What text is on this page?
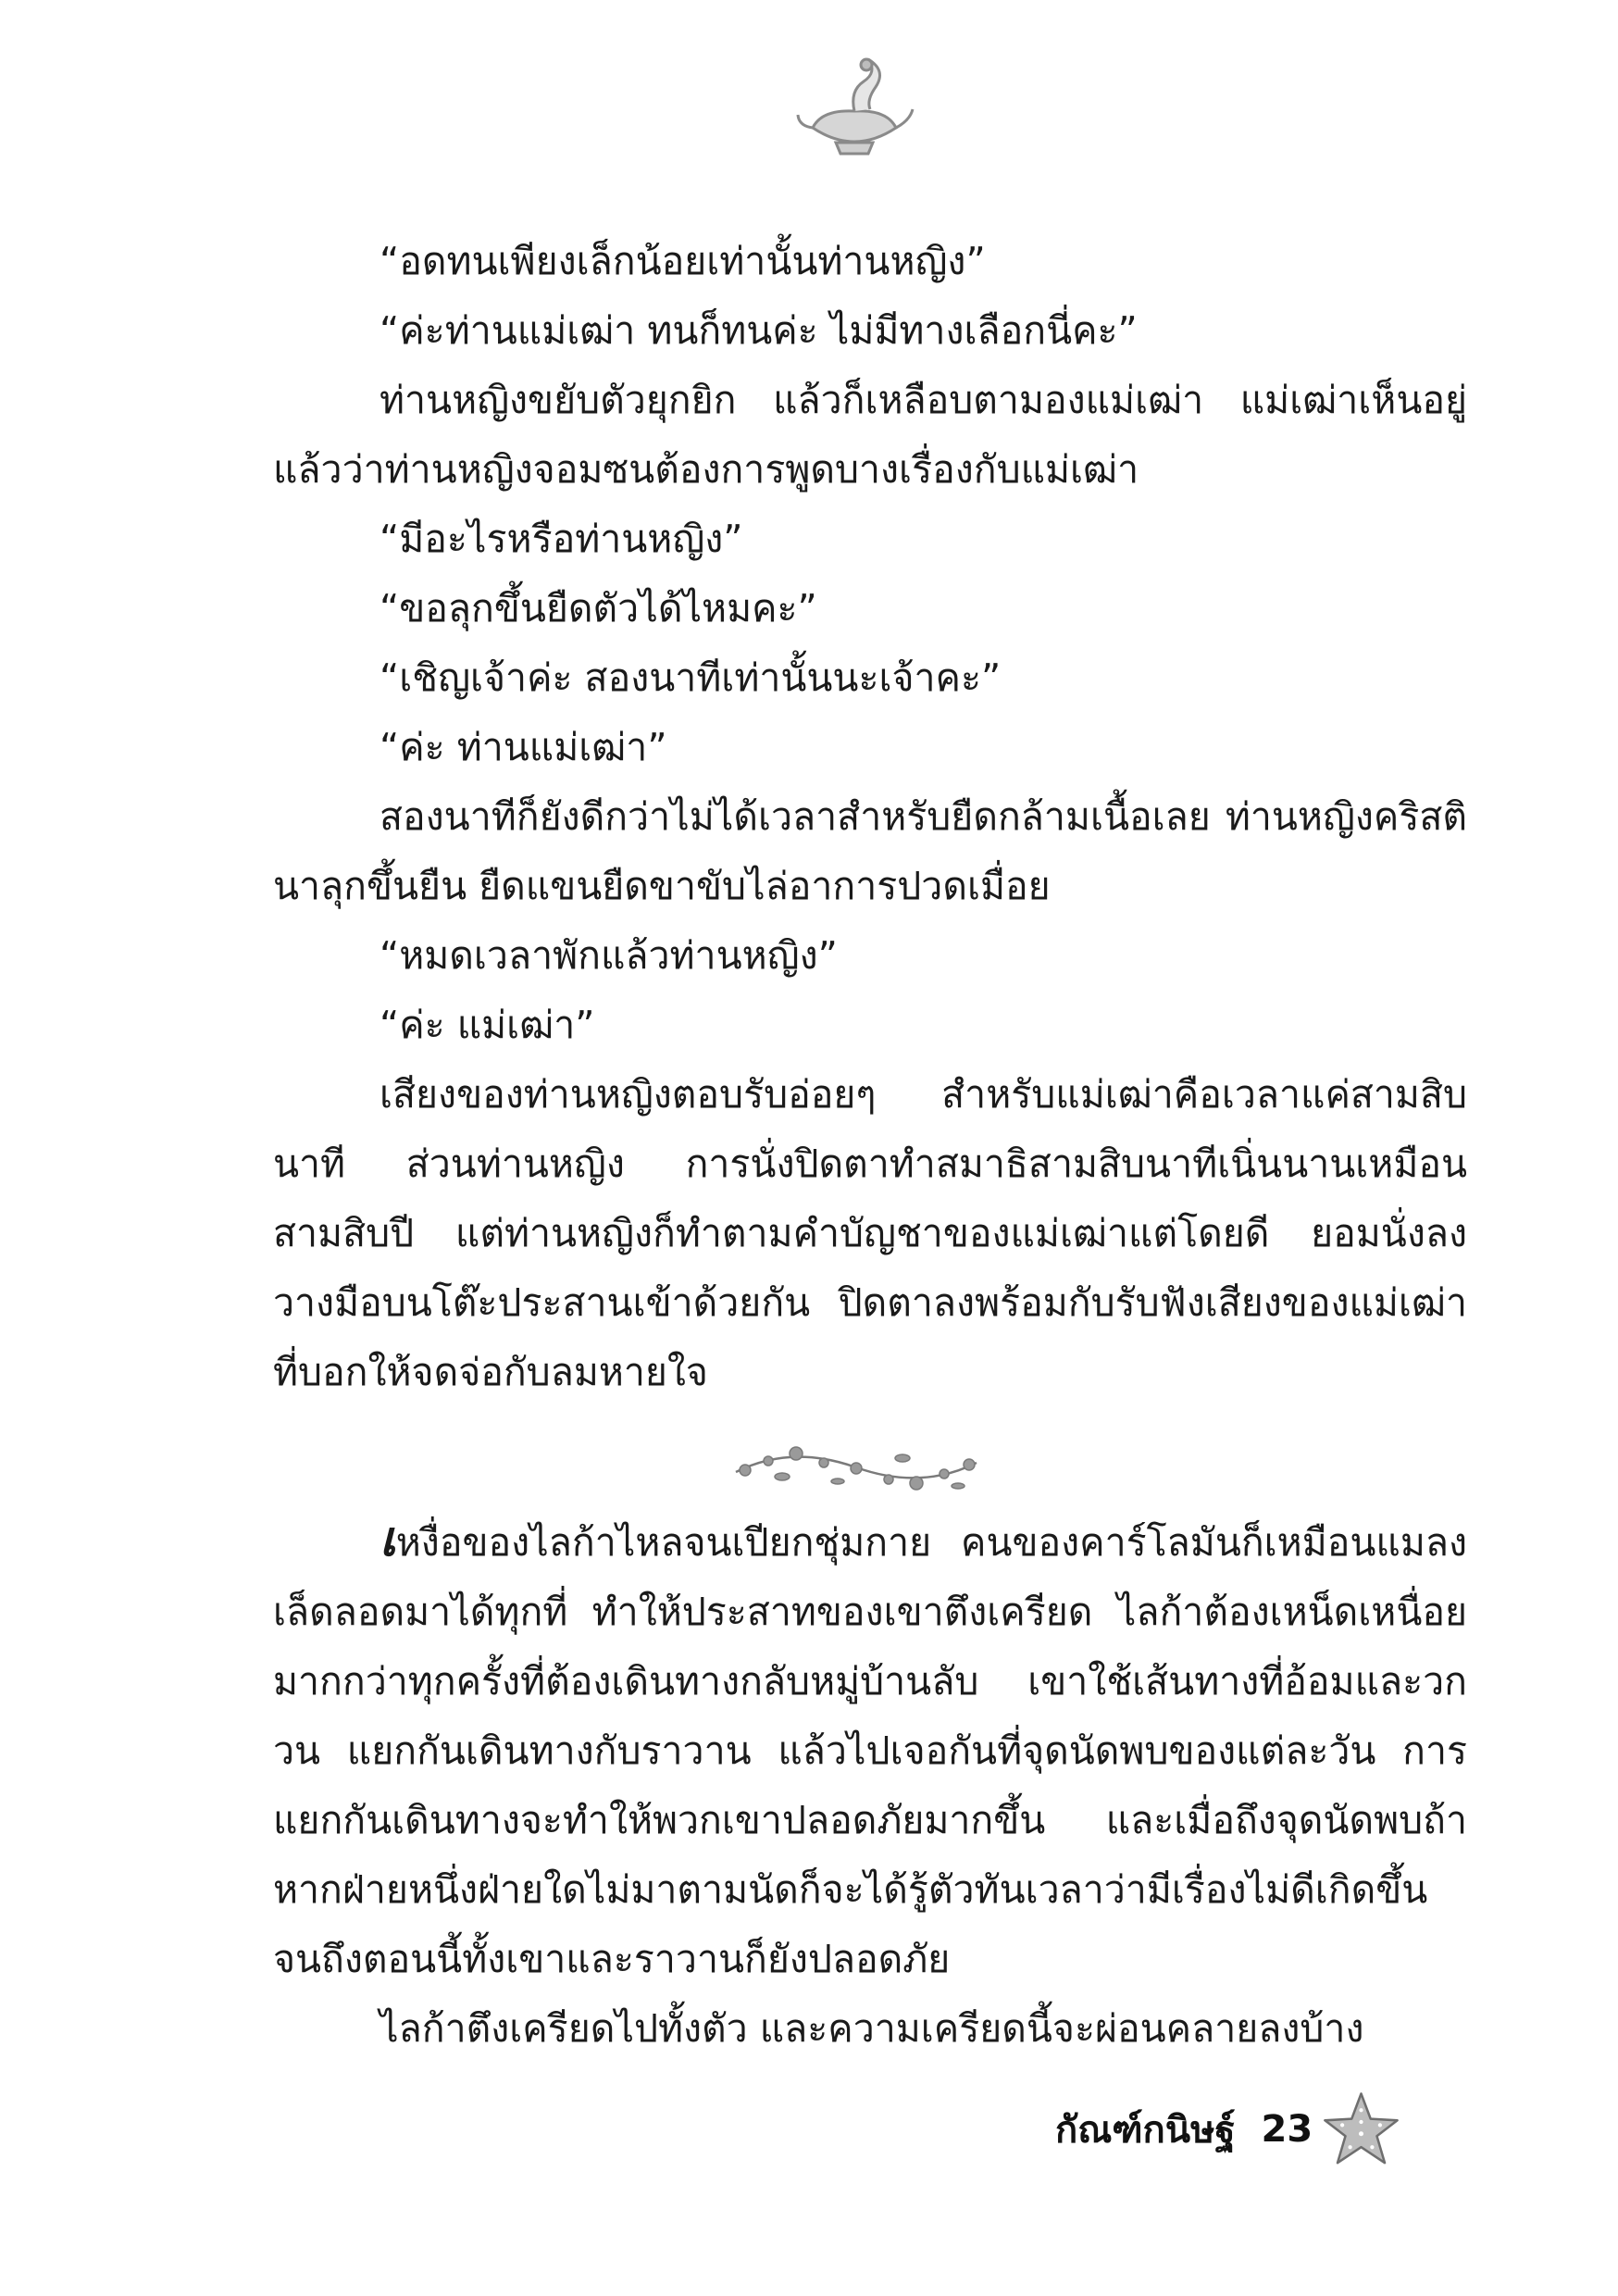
“อดทนเพียงเล็กน้อยเท่านั้นท่านหญิง”

“ค่ะท่านแม่เฒ่า ทนก็ทนค่ะ ไม่มีทางเลือกนี่คะ”

ท่านหญิงขยับตัวยุกยิก แล้วก็เหลือบตามองแม่เฒ่า แม่เฒ่าเห็นอยู่แล้วว่าท่านหญิงจอมซนต้องการพูดบางเรื่องกับแม่เฒ่า

“มีอะไรหรือท่านหญิง”

“ขอลุกขึ้นยืดตัวได้ไหมคะ”

“เชิญเจ้าค่ะ สองนาทีเท่านั้นนะเจ้าคะ”

“ค่ะ ท่านแม่เฒ่า”

สองนาทีก็ยังดีกว่าไม่ได้เวลาสำหรับยืดกล้ามเนื้อเลย ท่านหญิงคริสตินาลุกขึ้นยืน ยืดแขนยืดขาขับไล่อาการปวดเมื่อย

“หมดเวลาพักแล้วท่านหญิง”

“ค่ะ แม่เฒ่า”

เสียงของท่านหญิงตอบรับอ่อยๆ สำหรับแม่เฒ่าคือเวลาแค่สามสิบนาที ส่วนท่านหญิง การนั่งปิดตาทำสมาธิสามสิบนาทีเนิ่นนานเหมือนสามสิบปี แต่ท่านหญิงก็ทำตามคำบัญชาของแม่เฒ่าแต่โดยดี ยอมนั่งลงวางมือบนโต๊ะประสานเข้าด้วยกัน ปิดตาลงพร้อมกับรับฟังเสียงของแม่เฒ่าที่บอกให้จดจ่อกับลมหายใจ

เหงื่อของไลก้าไหลจนเปียกชุ่มกาย คนของคาร์โลมันก็เหมือนแมลงเล็ดลอดมาได้ทุกที่ ทำให้ประสาทของเขาตึงเครียด ไลก้าต้องเหน็ดเหนื่อยมากกว่าทุกครั้งที่ต้องเดินทางกลับหมู่บ้านลับ เขาใช้เส้นทางที่อ้อมและวกวน แยกกันเดินทางกับราวาน แล้วไปเจอกันที่จุดนัดพบของแต่ละวัน การแยกกันเดินทางจะทำให้พวกเขาปลอดภัยมากขึ้น และเมื่อถึงจุดนัดพบถ้าหากฝ่ายหนึ่งฝ่ายใดไม่มาตามนัดก็จะได้รู้ตัวทันเวลาว่ามีเรื่องไม่ดีเกิดขึ้นจนถึงตอนนี้ทั้งเขาและราวานก็ยังปลอดภัย

ไลก้าตึงเครียดไปทั้งตัว และความเครียดนี้จะผ่อนคลายลงบ้าง

กัณฑ์กนิษฐ์ 23
